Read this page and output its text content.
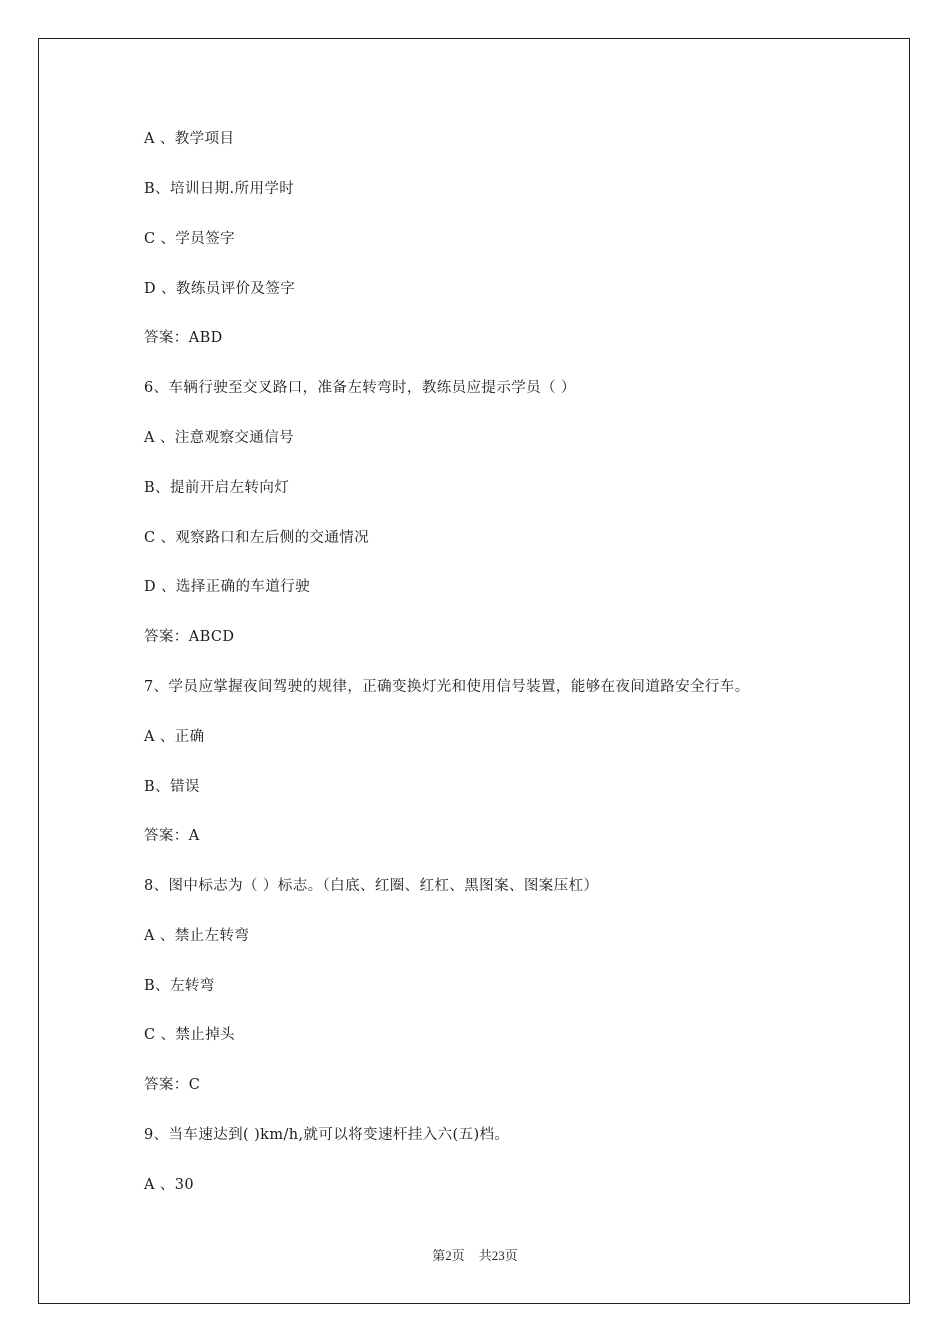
A 、教学项目
B、培训日期.所用学时
C 、学员签字
D 、教练员评价及签字
答案：ABD
6、车辆行驶至交叉路口，准备左转弯时，教练员应提示学员（ ）
A 、注意观察交通信号
B、提前开启左转向灯
C 、观察路口和左后侧的交通情况
D 、选择正确的车道行驶
答案：ABCD
7、学员应掌握夜间驾驶的规律，正确变换灯光和使用信号装置，能够在夜间道路安全行车。
A 、正确
B、错误
答案：A
8、图中标志为（ ）标志。（白底、红圈、红杠、黑图案、图案压杠）
A 、禁止左转弯
B、左转弯
C 、禁止掉头
答案：C
9、当车速达到( )km/h,就可以将变速杆挂入六(五)档。
A 、30
第2页 共23页
